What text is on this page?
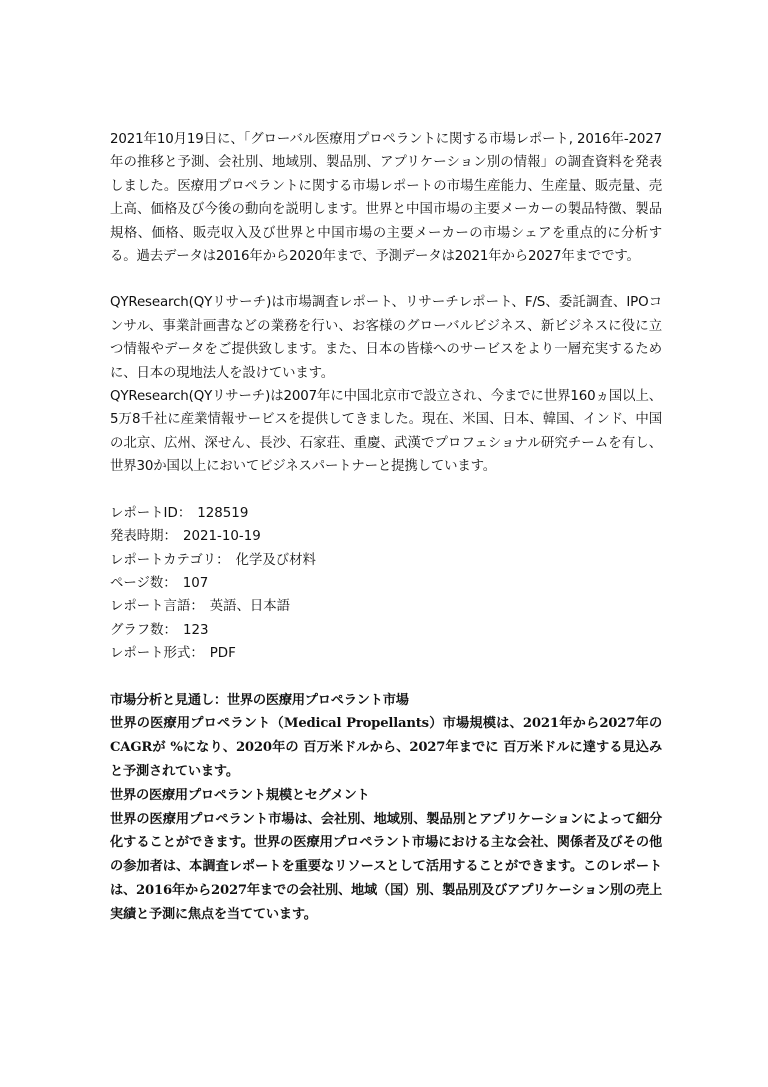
2021年10月19日に、「グローバル医療用プロペラントに関する市場レポート, 2016年-2027年の推移と予測、会社別、地域別、製品別、アプリケーション別の情報」の調査資料を発表しました。医療用プロペラントに関する市場レポートの市場生産能力、生産量、販売量、売上高、価格及び今後の動向を説明します。世界と中国市場の主要メーカーの製品特徴、製品規格、価格、販売収入及び世界と中国市場の主要メーカーの市場シェアを重点的に分析する。過去データは2016年から2020年まで、予測データは2021年から2027年までです。

QYResearch(QYリサーチ)は市場調査レポート、リサーチレポート、F/S、委託調査、IPOコンサル、事業計画書などの業務を行い、お客様のグローバルビジネス、新ビジネスに役に立つ情報やデータをご提供致します。また、日本の皆様へのサービスをより一層充実するために、日本の現地法人を設けています。

QYResearch(QYリサーチ)は2007年に中国北京市で設立され、今までに世界160ヵ国以上、5万8千社に産業情報サービスを提供してきました。現在、米国、日本、韓国、インド、中国の北京、広州、深せん、長沙、石家荘、重慶、武漢でプロフェショナル研究チームを有し、世界30か国以上においてビジネスパートナーと提携しています。

レポートID： 128519

発表時期： 2021-10-19

レポートカテゴリ： 化学及び材料

ページ数： 107

レポート言語： 英語、日本語

グラフ数： 123

レポート形式： PDF

市場分析と見通し：世界の医療用プロペラント市場

世界の医療用プロペラント（Medical Propellants）市場規模は、2021年から2027年のCAGRが %になり、2020年の 百万米ドルから、2027年までに 百万米ドルに達する見込みと予測されています。

世界の医療用プロペラント規模とセグメント

世界の医療用プロペラント市場は、会社別、地域別、製品別とアプリケーションによって細分化することができます。世界の医療用プロペラント市場における主な会社、関係者及びその他の参加者は、本調査レポートを重要なリソースとして活用することができます。このレポートは、2016年から2027年までの会社別、地域（国）別、製品別及びアプリケーション別の売上実績と予測に焦点を当てています。
